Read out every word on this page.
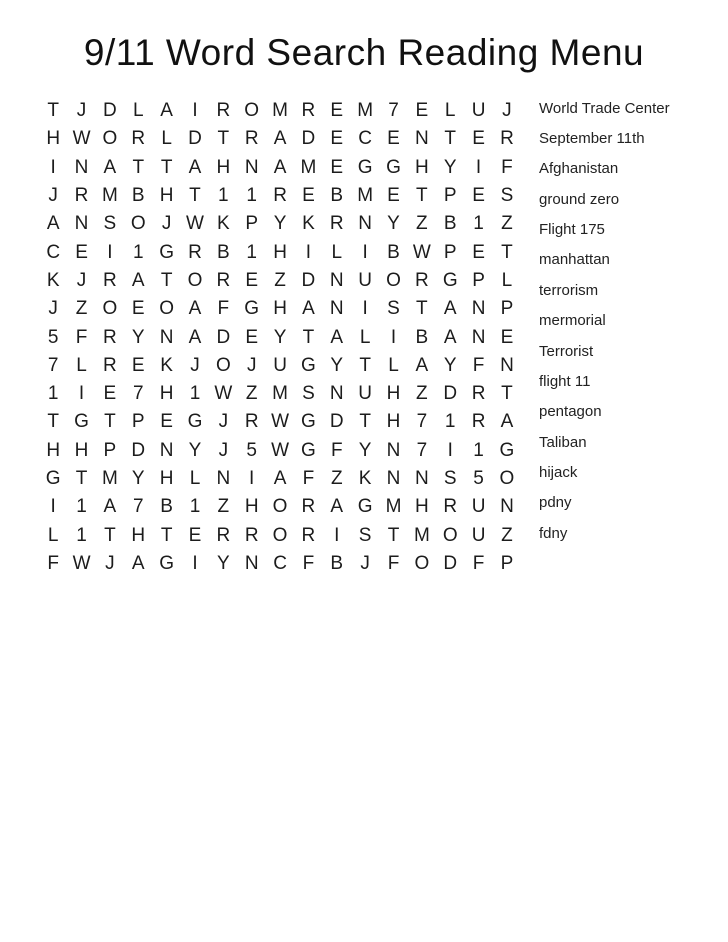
9/11 Word Search Reading Menu
T J D L A	I R O M R E M 7 E L U J
H W O R L D T R A D E C E N T E R
I N A T T A H N A M E G G H Y	I	F
J R M B H T 1 1 R E B M E T P E S
A N S O J W K P Y K R N Y Z B 1 Z
C E	I	1 G R B 1 H I	L	I	B W P E T
K J R A T O R E Z D N U O R G P L
J Z O E O A F G H A N I	S T A N P
5 F R Y N A D E Y T A L	I	B A N E
7 L R E K J O J U G Y T L A Y F N
1	I	E 7 H 1 W Z M S N U H Z D R T
T G T P E G J R W G D T H 7 1 R A
H H P D N Y J 5 W G F Y N 7	I	1 G
G T M Y H L N I	A F Z K N N S 5 O
I	1 A 7 B 1 Z H O R A G M H R U N
L 1 T H T E R R O R I	S T M O U Z
F W J A G I	Y N C F B J F O D F P
World Trade Center
September 11th
Afghanistan
ground zero
Flight 175
manhattan
terrorism
mermorial
Terrorist
flight 11
pentagon
Taliban
hijack
pdny
fdny
